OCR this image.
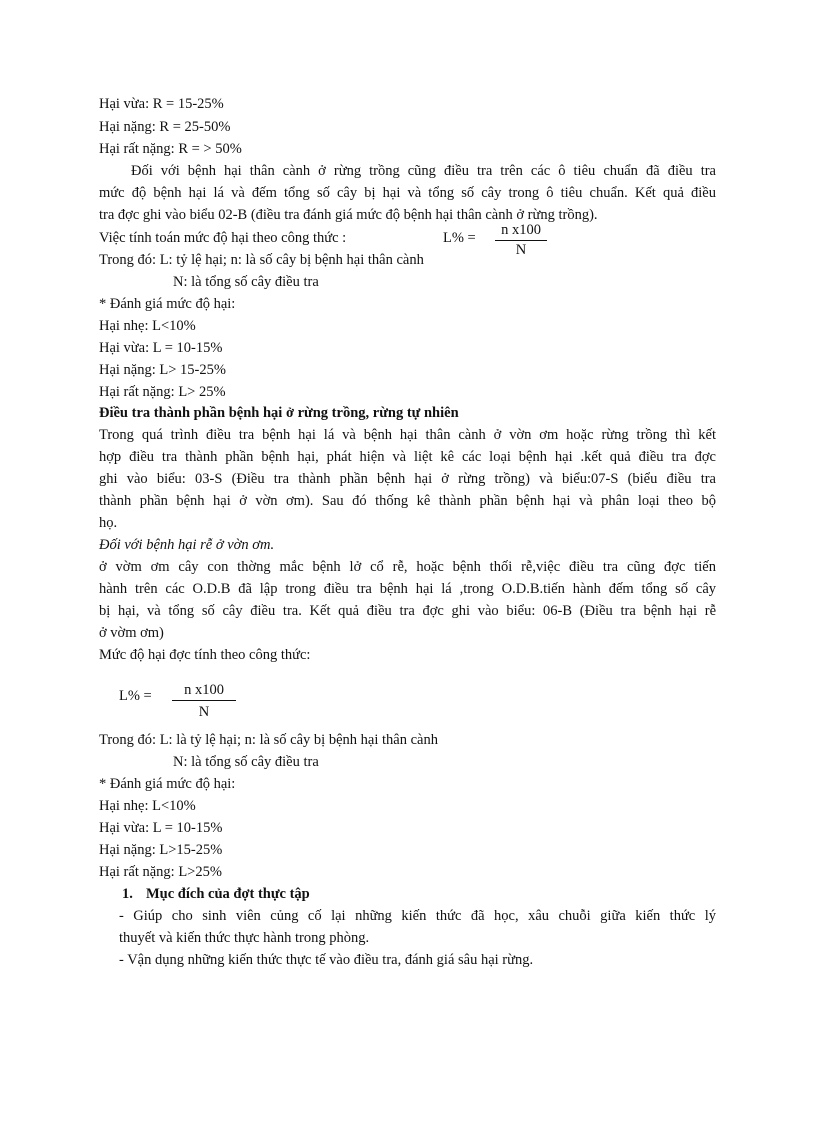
Hại vừa: R = 15-25%
Hại nặng: R = 25-50%
Hại rất nặng: R = > 50%
Đối với bệnh hại thân cành ở rừng trồng cũng điều tra trên các ô tiêu chuẩn đã điều tra
mức độ bệnh hại lá và đếm tổng số cây bị hại và tổng số cây trong ô tiêu chuẩn. Kết quả điều
tra đợc ghi vào biểu 02-B (điều tra đánh giá mức độ bệnh hại thân cành ở rừng trồng).
Việc tính toán mức độ hại theo công thức :	$L\% = \frac{\text{n x100}}{N}$
Trong đó: L: tỷ lệ hại; n: là số cây bị bệnh hại thân cành
N: là tổng số cây điều tra
* Đánh giá mức độ hại:
Hại nhẹ: L<10%
Hại vừa: L = 10-15%
Hại nặng: L> 15-25%
Hại rất nặng: L> 25%
Điều tra thành phần bệnh hại ở rừng trồng, rừng tự nhiên
Trong quá trình điều tra bệnh hại lá và bệnh hại thân cành ở vờn ơm hoặc rừng trồng thì kết
hợp điều tra thành phần bệnh hại, phát hiện và liệt kê các loại bệnh hại .kết quả điều tra đợc
ghi vào biểu: 03-S (Điều tra thành phần bệnh hại ở rừng trồng) và biểu:07-S (biểu điều tra
thành phần bệnh hại ở vờn ơm). Sau đó thống kê thành phần bệnh hại và phân loại theo bộ
họ.
Đối với bệnh hại rễ ở vờn ơm.
ở vờm ơm cây con thờng mắc bệnh lở cổ rễ, hoặc bệnh thối rễ,việc điều tra cũng đợc tiến
hành trên các O.D.B đã lập trong điều tra bệnh hại lá ,trong O.D.B.tiến hành đếm tổng số cây
bị hại, và tổng số cây điều tra. Kết quả điều tra đợc ghi vào biểu: 06-B (Điều tra bệnh hại rễ
ở vờm ơm)
Mức độ hại đợc tính theo công thức:
$L\% = \frac{\text{n x100}}{N}$
Trong đó: L: là tỷ lệ hại; n: là số cây bị bệnh hại thân cành
N: là tổng số cây điều tra
* Đánh giá mức độ hại:
Hại nhẹ: L<10%
Hại vừa: L = 10-15%
Hại nặng: L>15-25%
Hại rất nặng: L>25%
1. Mục đích của đợt thực tập
- Giúp cho sinh viên củng cố lại những kiến thức đã học, xâu chuỗi giữa kiến thức lý
thuyết và kiến thức thực hành trong phòng.
- Vận dụng những kiến thức thực tế vào điều tra, đánh giá sâu hại rừng.
